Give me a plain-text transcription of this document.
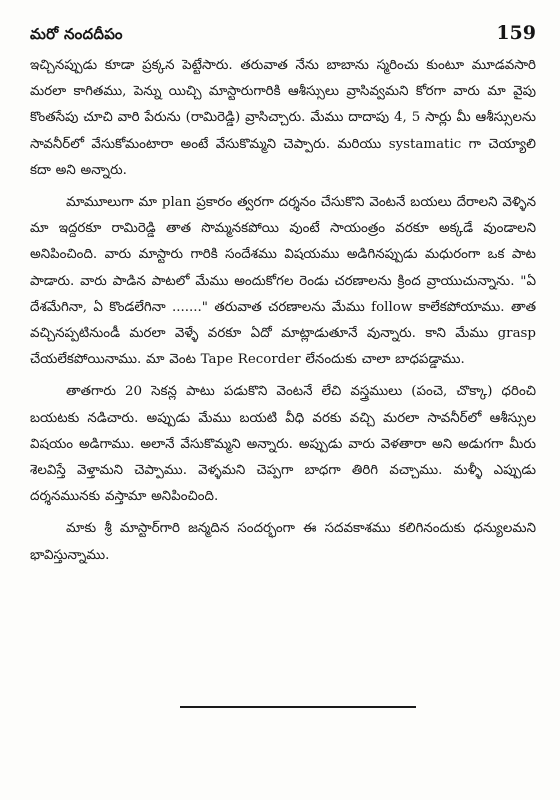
మరో నందదీపం	159

ఇచ్చినప్పుడు కూడా ప్రక్కన పెట్టేసారు. తరువాత నేను బాబాను స్మరించు కుంటూ మూడవసారి మరలా కాగితము, పెన్ను యిచ్చి మాస్టారుగారికి ఆశీస్సులు వ్రాసివ్వమని కోరగా వారు మా వైపు కొంతసేపు చూచి వారి పేరును (రామిరెడ్డి) వ్రాసిచ్చారు. మేము దాదాపు 4, 5 సార్లు మీ ఆశీస్సులను సావనీర్‌లో వేసుకోమంటారా అంటే వేసుకొమ్మని చెప్పారు. మరియు systamatic గా చెయ్యాలి కదా అని అన్నారు.

మామూలుగా మా plan ప్రకారం త్వరగా దర్శనం చేసుకొని వెంటనే బయలు దేరాలని వెళ్ళిన మా ఇద్దరకూ రామిరెడ్డి తాత సొమ్మనకపోయి వుంటే సాయంత్రం వరకూ అక్కడే వుండాలని అనిపించింది. వారు మాస్టారు గారికి సందేశము విషయము అడిగినప్పుడు మధురంగా ఒక పాట పాడారు. వారు పాడిన పాటలో మేము అందుకోగల రెండు చరణాలను క్రింద వ్రాయుచున్నాను. "ఏ దేశమేగినా, ఏ కొండలేగినా ......." తరువాత చరణాలను మేము follow కాలేకపోయాము. తాత వచ్చినప్పటినుండీ మరలా వెళ్ళే వరకూ ఏదో మాట్లాడుతూనే వున్నారు. కాని మేము grasp చేయలేకపోయినాము. మా వెంట Tape Recorder లేనందుకు చాలా బాధపడ్డాము.

తాతగారు 20 సెకన్ల పాటు పడుకొని వెంటనే లేచి వస్త్రములు (పంచె, చొక్కా) ధరించి బయటకు నడిచారు. అప్పుడు మేము బయటి వీధి వరకు వచ్చి మరలా సావనీర్‌లో ఆశీస్సుల విషయం అడిగాము. అలానే వేసుకొమ్మని అన్నారు. అప్పుడు వారు వెళతారా అని అడుగగా మీరు శెలవిస్తే వెళ్తామని చెప్పాము. వెళ్ళమని చెప్పగా బాధగా తిరిగి వచ్చాము. మళ్ళీ ఎప్పుడు దర్శనమునకు వస్తామా అనిపించింది.

మాకు శ్రీ మాస్టార్‌గారి జన్మదిన సందర్భంగా ఈ సదవకాశము కలిగినందుకు ధన్యులమని భావిస్తున్నాము.
